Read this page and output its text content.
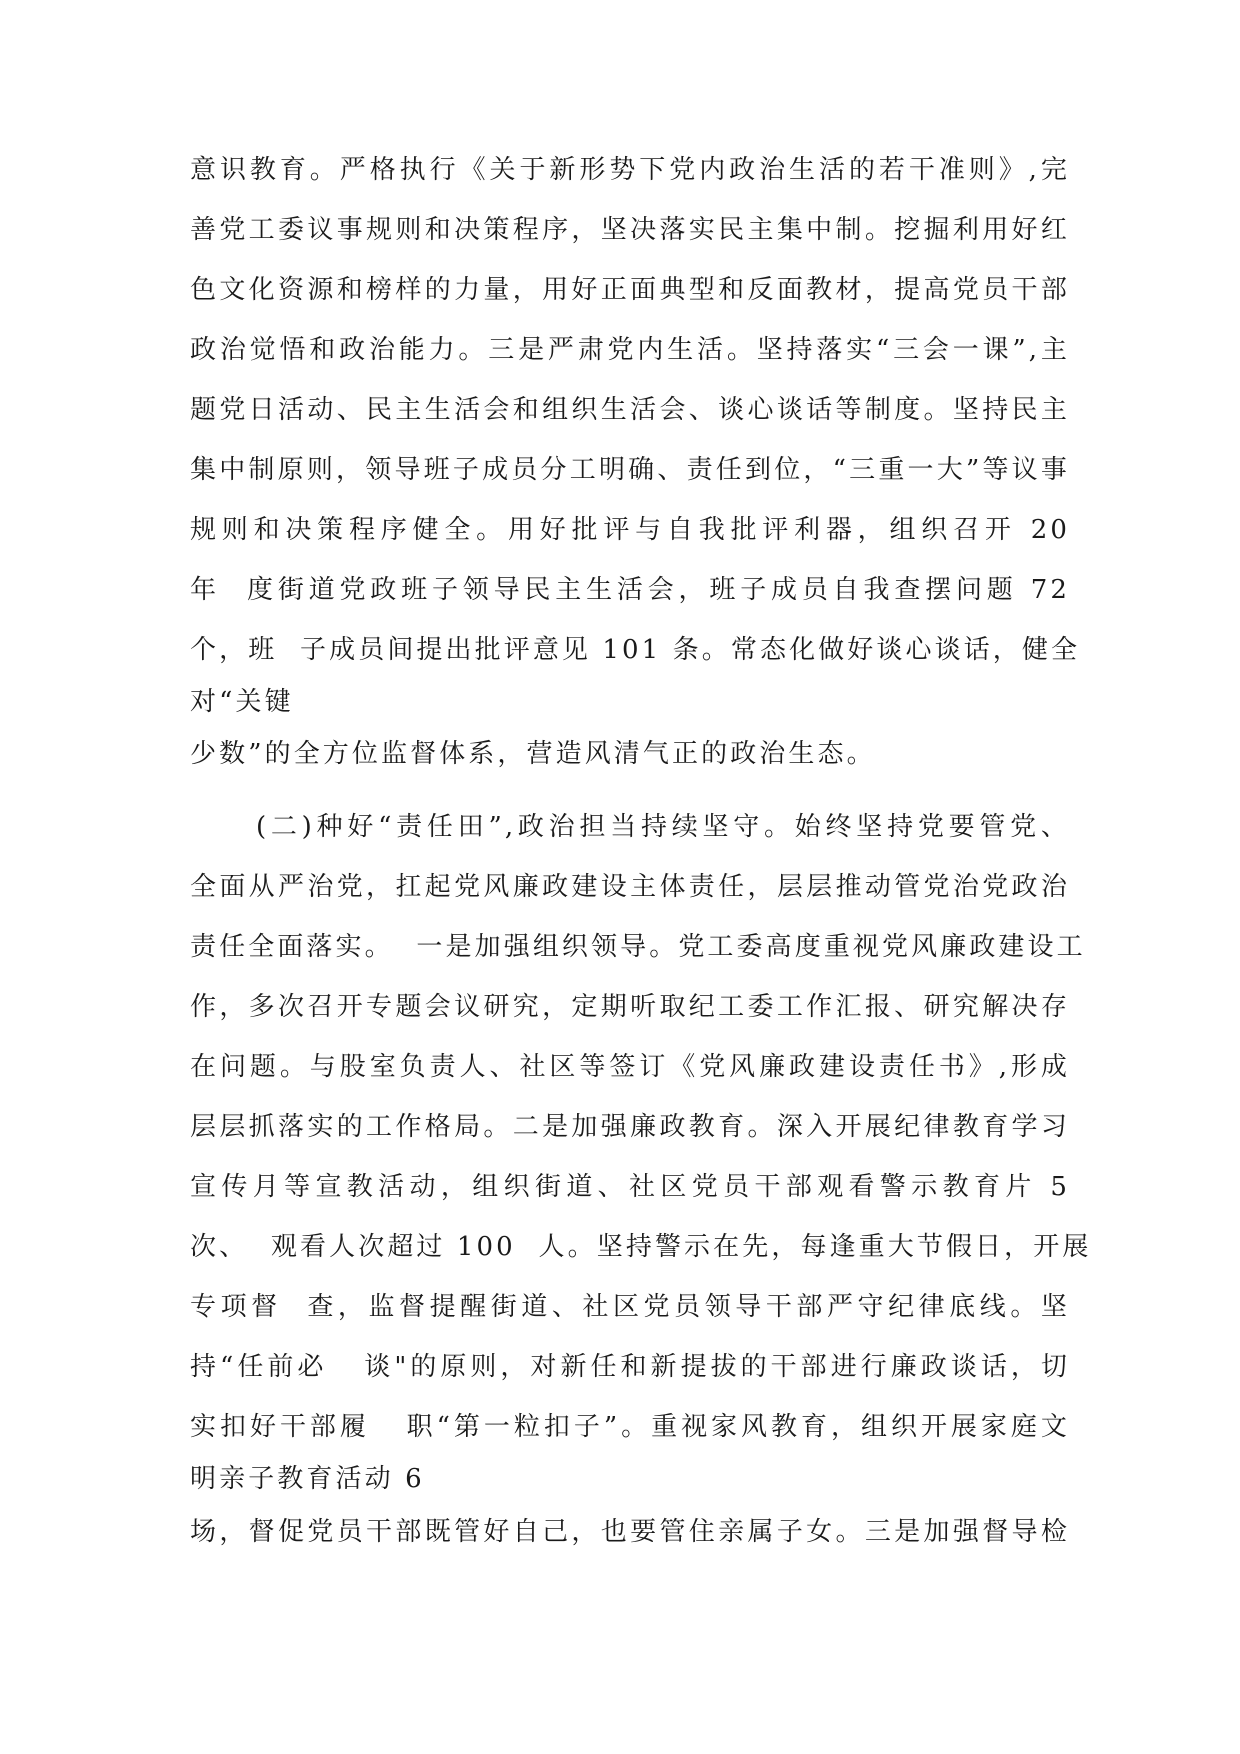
意识教育。严格执行《关于新形势下党内政治生活的若干准则》,完
善党工委议事规则和决策程序，坚决落实民主集中制。挖掘利用好红
色文化资源和榜样的力量，用好正面典型和反面教材，提高党员干部
政治觉悟和政治能力。三是严肃党内生活。坚持落实“三会一课”,主
题党日活动、民主生活会和组织生活会、谈心谈话等制度。坚持民主
集中制原则，领导班子成员分工明确、责任到位，“三重一大”等议事
规则和决策程序健全。用好批评与自我批评利器，组织召开 20
年  度街道党政班子领导民主生活会，班子成员自我查摆问题 72
个，班  子成员间提出批评意见 101 条。常态化做好谈心谈话，健全
对“关键
少数”的全方位监督体系，营造风清气正的政治生态。
(二)种好“责任田”,政治担当持续坚守。始终坚持党要管党、
全面从严治党，扛起党风廉政建设主体责任，层层推动管党治党政治
责任全面落实。  一是加强组织领导。党工委高度重视党风廉政建设工
作，多次召开专题会议研究，定期听取纪工委工作汇报、研究解决存
在问题。与股室负责人、社区等签订《党风廉政建设责任书》,形成
层层抓落实的工作格局。二是加强廉政教育。深入开展纪律教育学习
宣传月等宣教活动，组织街道、社区党员干部观看警示教育片 5
次、  观看人次超过 100  人。坚持警示在先，每逢重大节假日，开展
专项督  查，监督提醒街道、社区党员领导干部严守纪律底线。坚
持“任前必   谈"的原则，对新任和新提拔的干部进行廉政谈话，切
实扣好干部履   职“第一粒扣子”。重视家风教育，组织开展家庭文
明亲子教育活动 6
场，督促党员干部既管好自己，也要管住亲属子女。三是加强督导检
